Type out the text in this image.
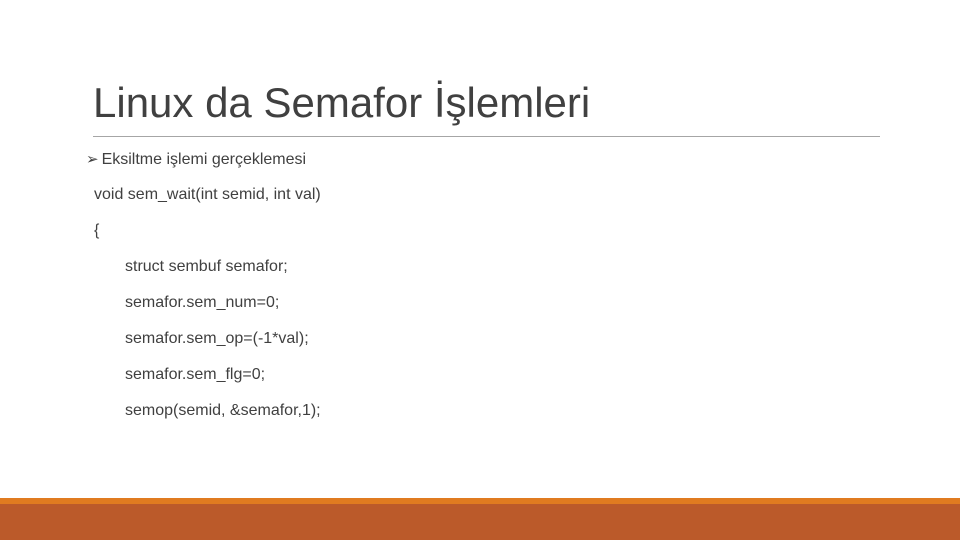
Linux da Semafor İşlemleri
➢ Eksiltme işlemi gerçeklemesi
void sem_wait(int semid, int val)
{
struct sembuf semafor;
semafor.sem_num=0;
semafor.sem_op=(-1*val);
semafor.sem_flg=0;
semop(semid, &semafor,1);
